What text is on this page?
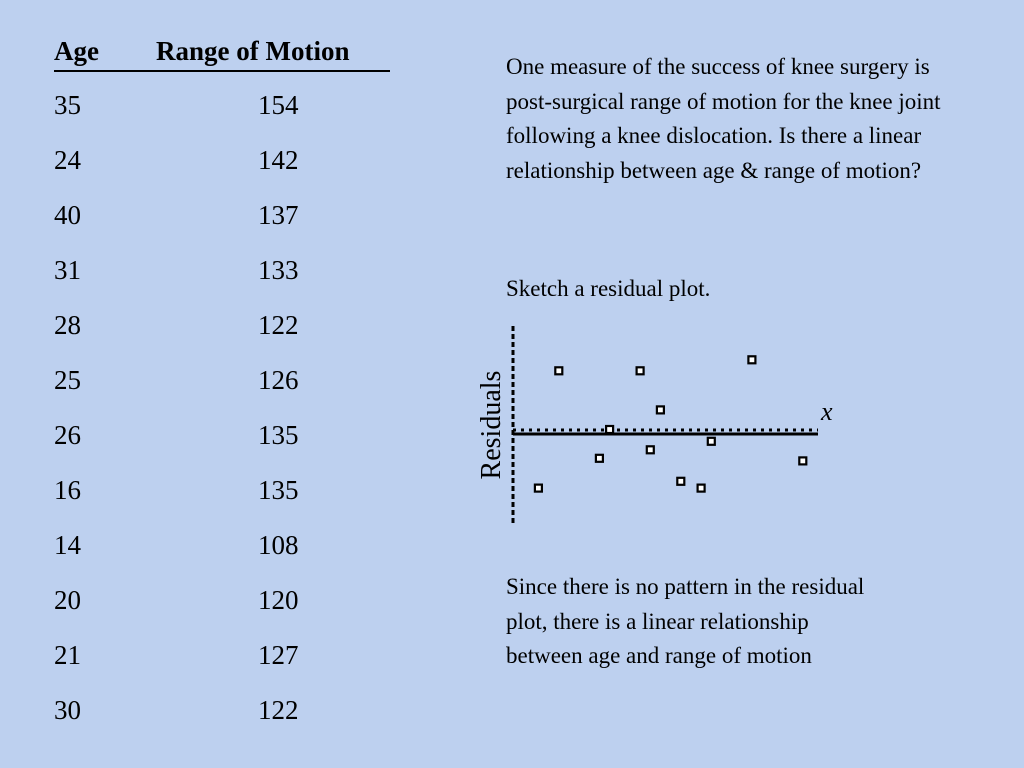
Age Range of Motion
35	154
24	142
40	137
31	133
28	122
25	126
26	135
16	135
14	108
20	120
21	127
30	122
One measure of the success of knee surgery is post-surgical range of motion for the knee joint following a knee dislocation. Is there a linear relationship between age & range of motion?
Sketch a residual plot.
Since there is no pattern in the residual plot, there is a linear relationship between age and range of motion
Residuals	x
